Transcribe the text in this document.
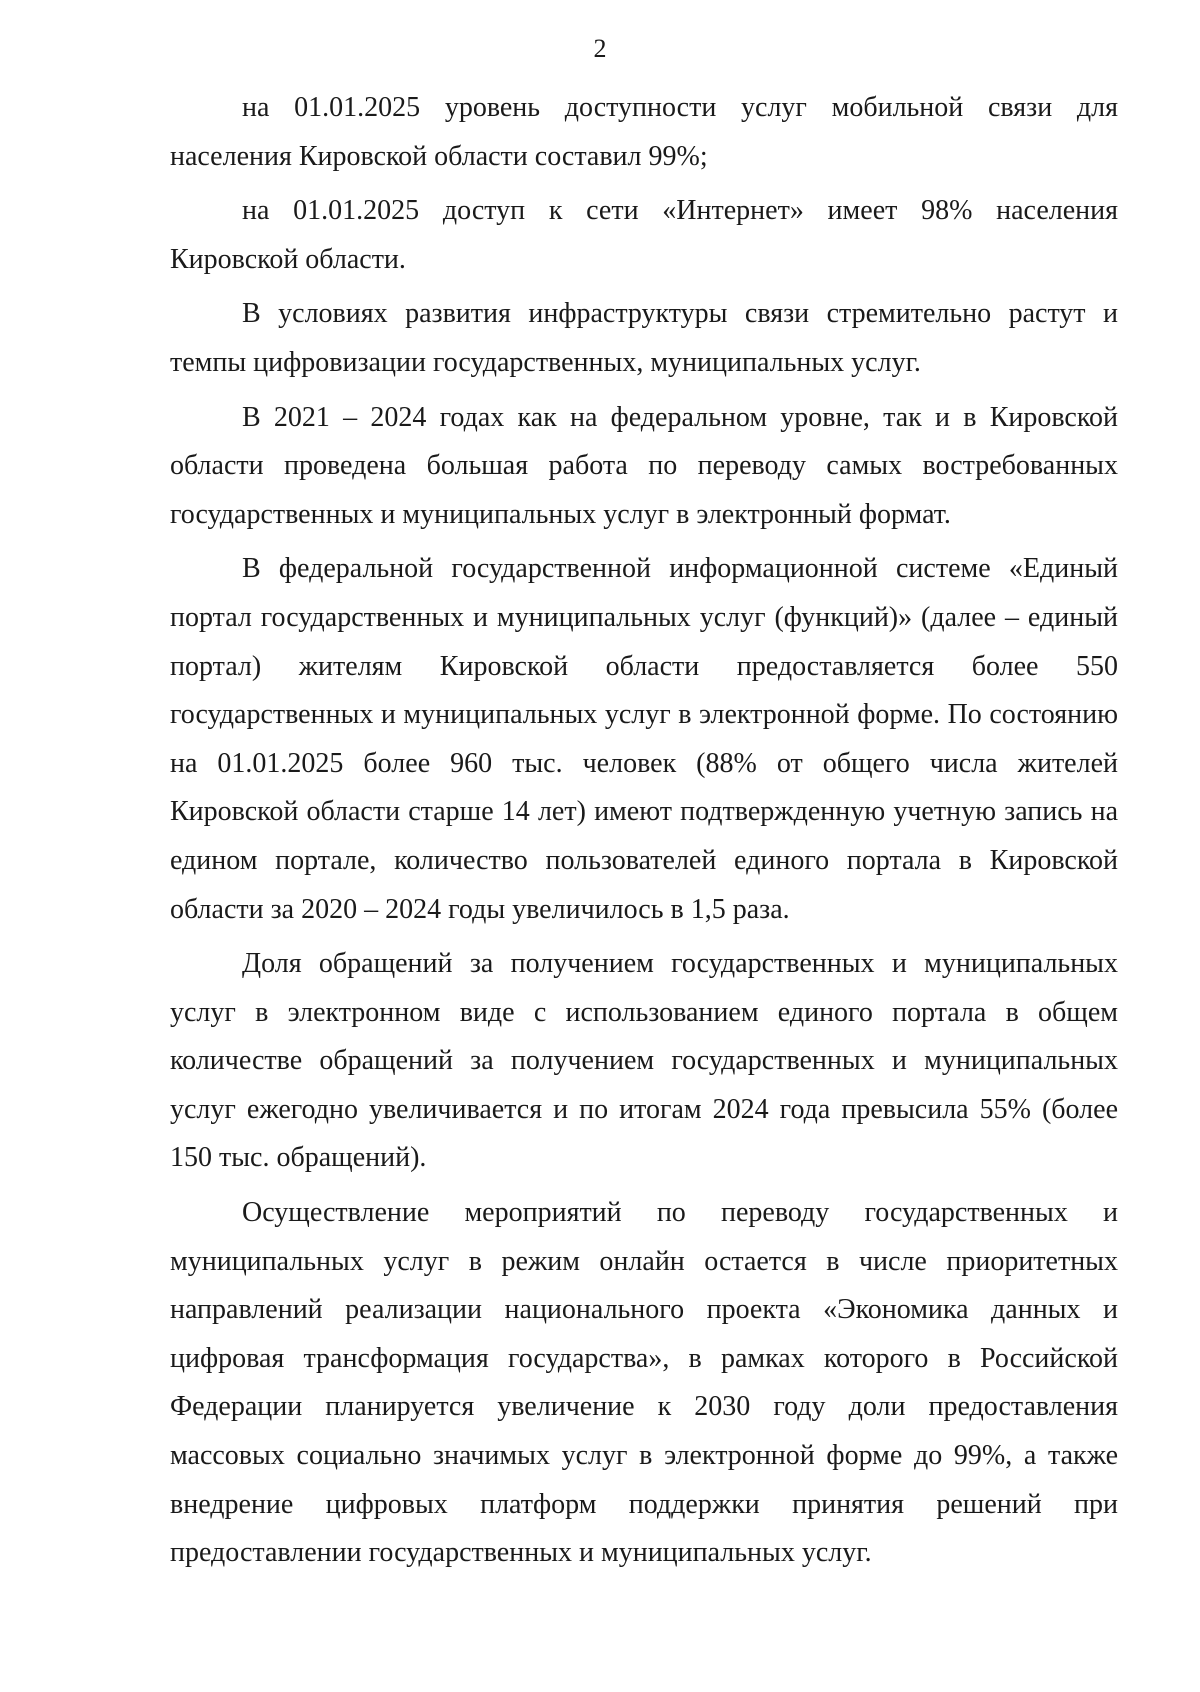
2

на 01.01.2025 уровень доступности услуг мобильной связи для населения Кировской области составил 99%;

на 01.01.2025 доступ к сети «Интернет» имеет 98% населения Кировской области.

В условиях развития инфраструктуры связи стремительно растут и темпы цифровизации государственных, муниципальных услуг.

В 2021 – 2024 годах как на федеральном уровне, так и в Кировской области проведена большая работа по переводу самых востребованных государственных и муниципальных услуг в электронный формат.

В федеральной государственной информационной системе «Единый портал государственных и муниципальных услуг (функций)» (далее – единый портал) жителям Кировской области предоставляется более 550 государственных и муниципальных услуг в электронной форме. По состоянию на 01.01.2025 более 960 тыс. человек (88% от общего числа жителей Кировской области старше 14 лет) имеют подтвержденную учетную запись на едином портале, количество пользователей единого портала в Кировской области за 2020 – 2024 годы увеличилось в 1,5 раза.

Доля обращений за получением государственных и муниципальных услуг в электронном виде с использованием единого портала в общем количестве обращений за получением государственных и муниципальных услуг ежегодно увеличивается и по итогам 2024 года превысила 55% (более 150 тыс. обращений).

Осуществление мероприятий по переводу государственных и муниципальных услуг в режим онлайн остается в числе приоритетных направлений реализации национального проекта «Экономика данных и цифровая трансформация государства», в рамках которого в Российской Федерации планируется увеличение к 2030 году доли предоставления массовых социально значимых услуг в электронной форме до 99%, а также внедрение цифровых платформ поддержки принятия решений при предоставлении государственных и муниципальных услуг.
